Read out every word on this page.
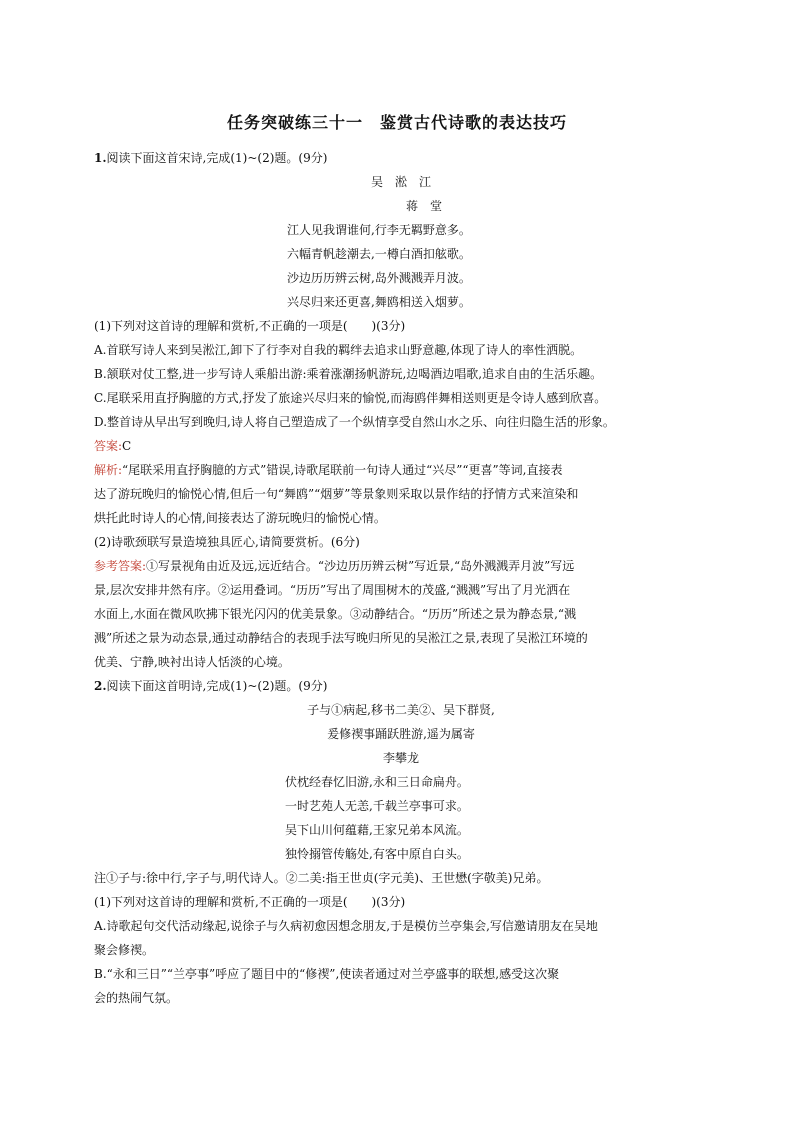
任务突破练三十一　鉴赏古代诗歌的表达技巧
1.阅读下面这首宋诗,完成(1)~(2)题。(9分)
吴　淞　江
蒋　堂
江人见我谓谁何,行李无羁野意多。
六幅青帆趁潮去,一樽白酒扣舷歌。
沙边历历辨云树,岛外溅溅弄月波。
兴尽归来还更喜,舞鸥相送入烟萝。
(1)下列对这首诗的理解和赏析,不正确的一项是(　　)(3分)
A.首联写诗人来到吴淞江,卸下了行李对自我的羁绊去追求山野意趣,体现了诗人的率性洒脱。
B.颔联对仗工整,进一步写诗人乘船出游:乘着涨潮扬帆游玩,边喝酒边唱歌,追求自由的生活乐趣。
C.尾联采用直抒胸臆的方式,抒发了旅途兴尽归来的愉悦,而海鸥伴舞相送则更是令诗人感到欣喜。
D.整首诗从早出写到晚归,诗人将自己塑造成了一个纵情享受自然山水之乐、向往归隐生活的形象。
答案:C
解析:“尾联采用直抒胸臆的方式”错误,诗歌尾联前一句诗人通过“兴尽”“更喜”等词,直接表
达了游玩晚归的愉悦心情,但后一句“舞鸥”“烟萝”等景象则采取以景作结的抒情方式来渲染和
烘托此时诗人的心情,间接表达了游玩晚归的愉悦心情。
(2)诗歌颈联写景造境独具匠心,请简要赏析。(6分)
参考答案:①写景视角由近及远,远近结合。“沙边历历辨云树”写近景,“岛外溅溅弄月波”写远
景,层次安排井然有序。②运用叠词。“历历”写出了周围树木的茂盛,“溅溅”写出了月光洒在
水面上,水面在微风吹拂下银光闪闪的优美景象。③动静结合。“历历”所述之景为静态景,“溅
溅”所述之景为动态景,通过动静结合的表现手法写晚归所见的吴淞江之景,表现了吴淞江环境的
优美、宁静,映衬出诗人恬淡的心境。
2.阅读下面这首明诗,完成(1)~(2)题。(9分)
子与①病起,移书二美②、吴下群贤,
爰修禊事踊跃胜游,遥为属寄
李攀龙
伏枕经春忆旧游,永和三日命扁舟。
一时艺苑人无恙,千载兰亭事可求。
吴下山川何蕴藉,王家兄弟本风流。
独怜搦管传觞处,有客中原自白头。
注①子与:徐中行,字子与,明代诗人。②二美:指王世贞(字元美)、王世懋(字敬美)兄弟。
(1)下列对这首诗的理解和赏析,不正确的一项是(　　)(3分)
A.诗歌起句交代活动缘起,说徐子与久病初愈因想念朋友,于是模仿兰亭集会,写信邀请朋友在吴地
聚会修禊。
B.“永和三日”“兰亭事”呼应了题目中的“修禊”,使读者通过对兰亭盛事的联想,感受这次聚
会的热闹气氛。
